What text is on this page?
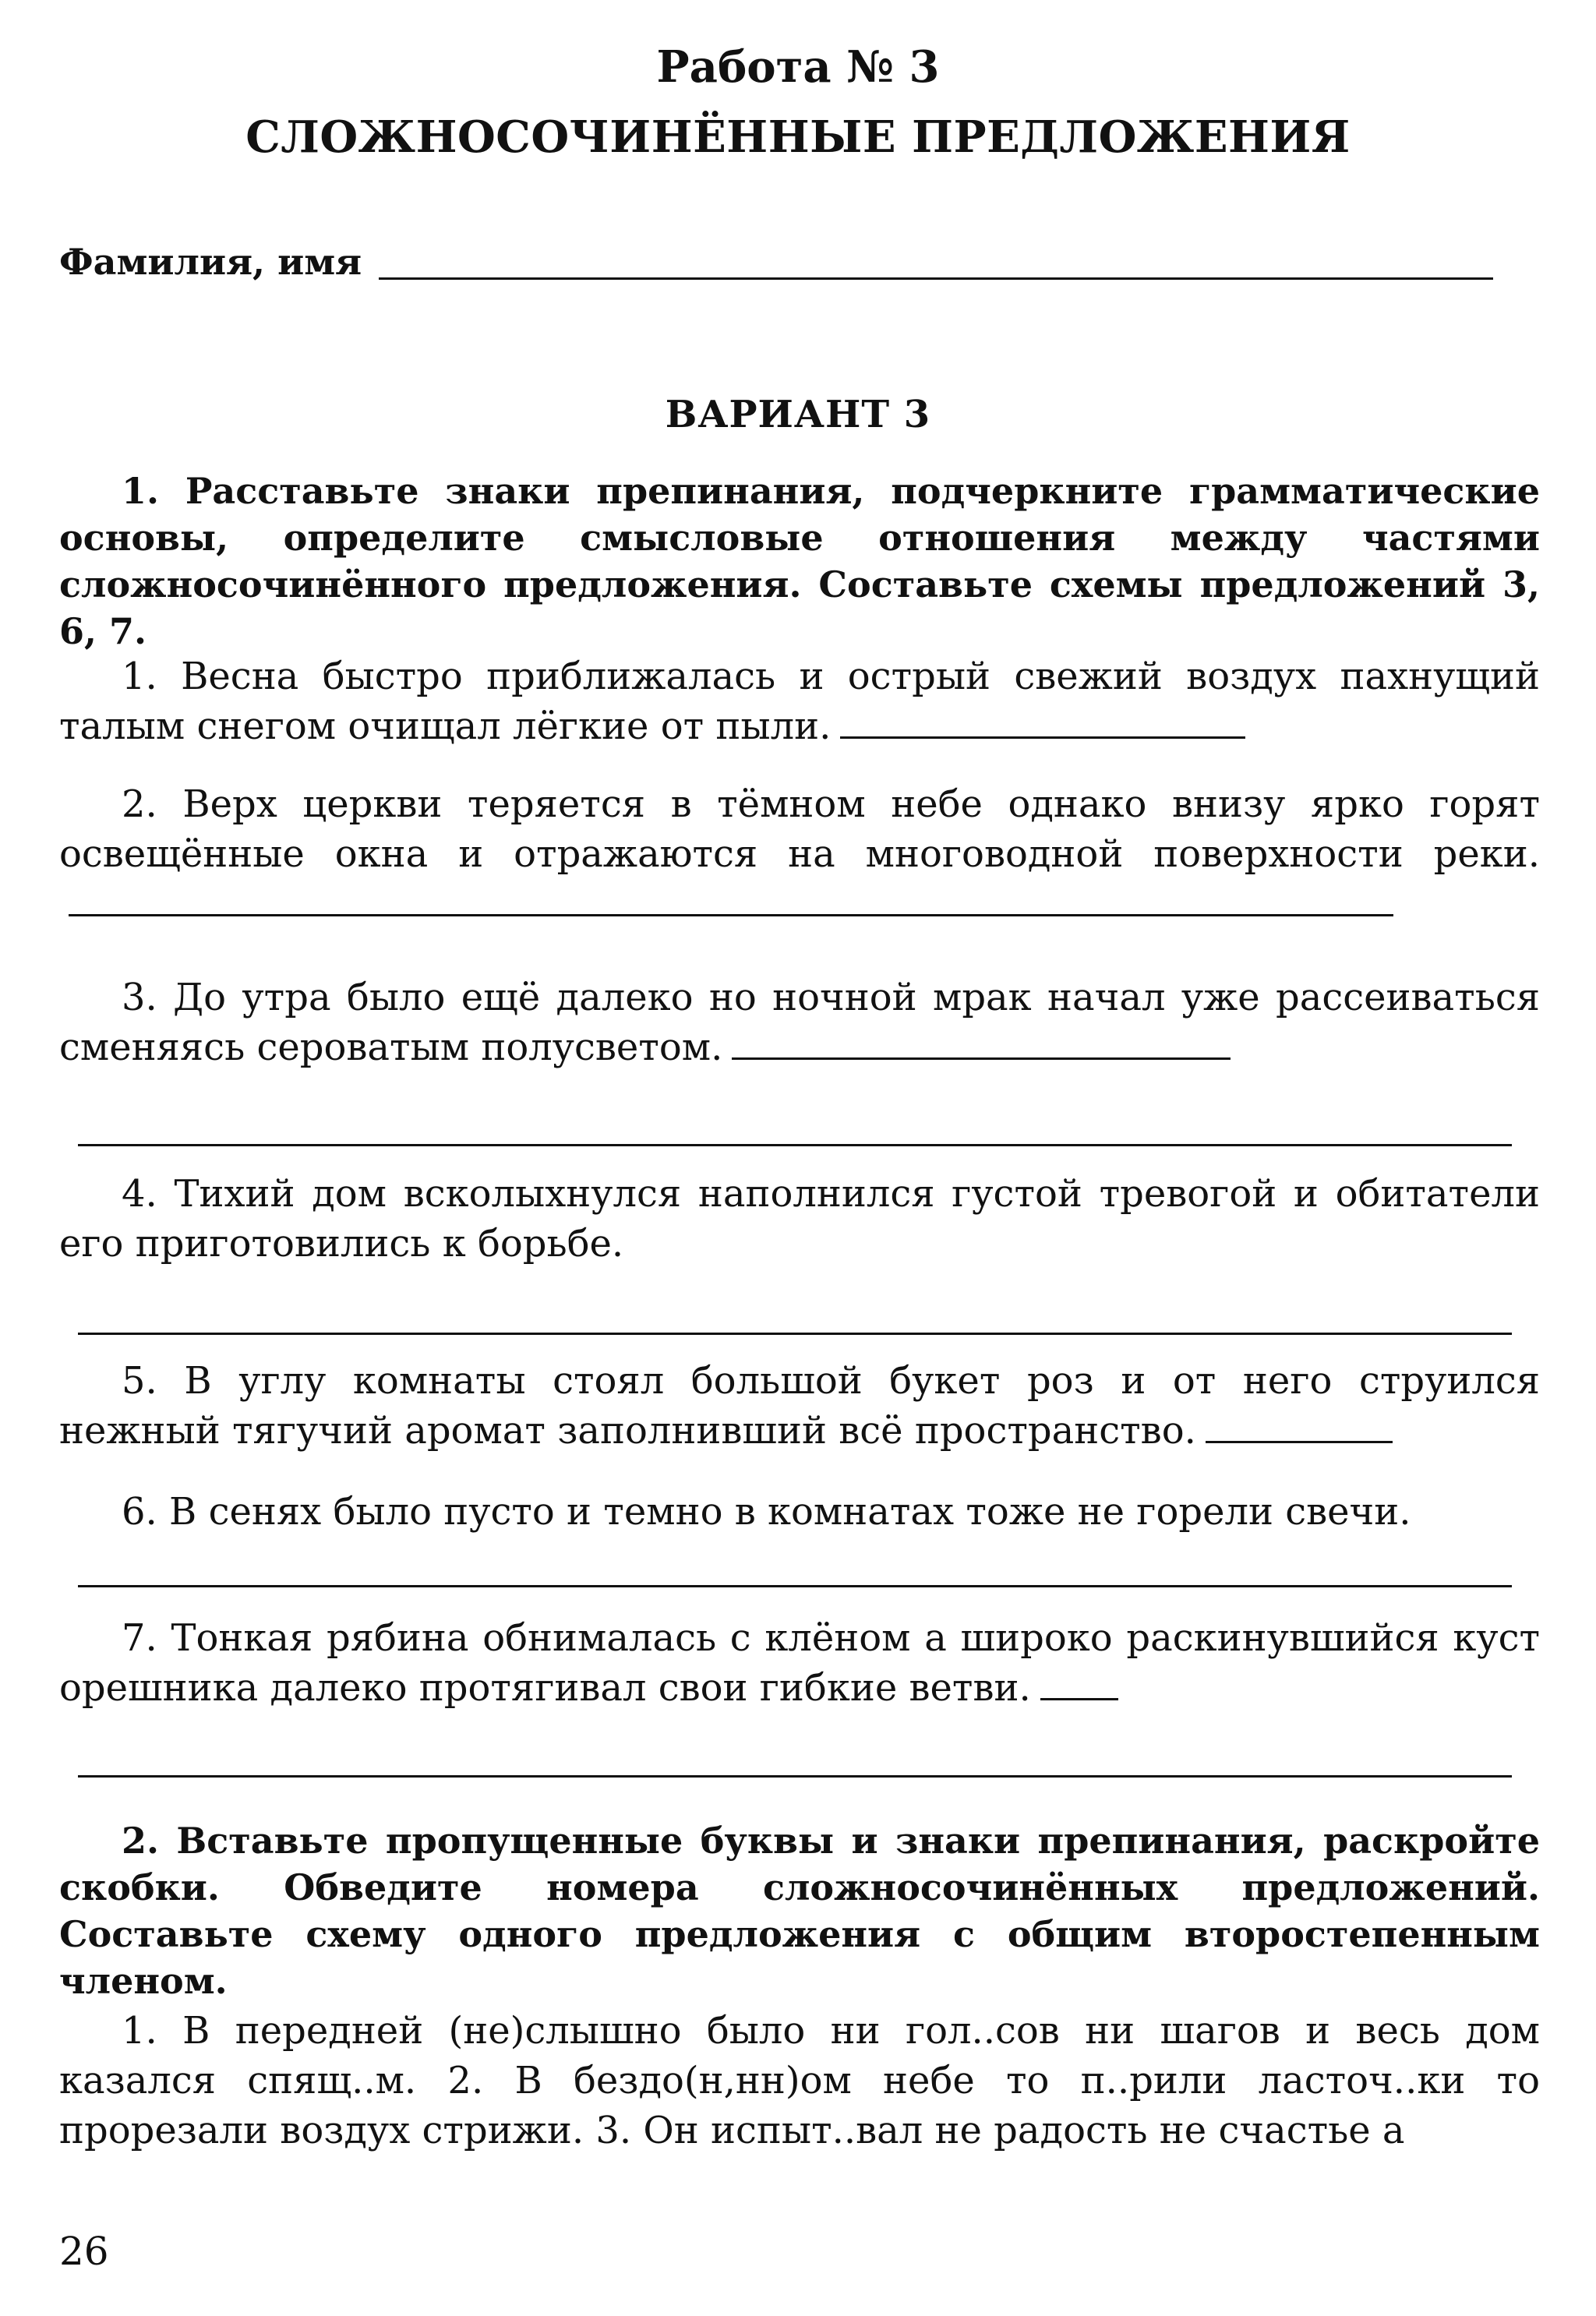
Работа № 3
СЛОЖНОСОЧИНЁННЫЕ ПРЕДЛОЖЕНИЯ
Фамилия, имя
ВАРИАНТ 3
1. Расставьте знаки препинания, подчеркните грамматические основы, определите смысловые отношения между частями сложносочинённого предложения. Составьте схемы предложений 3, 6, 7.
1. Весна быстро приближалась и острый свежий воздух пахнущий талым снегом очищал лёгкие от пыли.
2. Верх церкви теряется в тёмном небе однако внизу ярко горят освещённые окна и отражаются на многоводной поверхности реки.
3. До утра было ещё далеко но ночной мрак начал уже рассеиваться сменяясь сероватым полусветом.
4. Тихий дом всколыхнулся наполнился густой тревогой и обитатели его приготовились к борьбе.
5. В углу комнаты стоял большой букет роз и от него струился нежный тягучий аромат заполнивший всё пространство.
6. В сенях было пусто и темно в комнатах тоже не горели свечи.
7. Тонкая рябина обнималась с клёном а широко раскинувшийся куст орешника далеко протягивал свои гибкие ветви.
2. Вставьте пропущенные буквы и знаки препинания, раскройте скобки. Обведите номера сложносочинённых предложений. Составьте схему одного предложения с общим второстепенным членом.
1. В передней (не)слышно было ни гол..сов ни шагов и весь дом казался спящ..м. 2. В бездо(н,нн)ом небе то п..рили ласточ..ки то прорезали воздух стрижи. 3. Он испыт..вал не радость не счастье а
26
